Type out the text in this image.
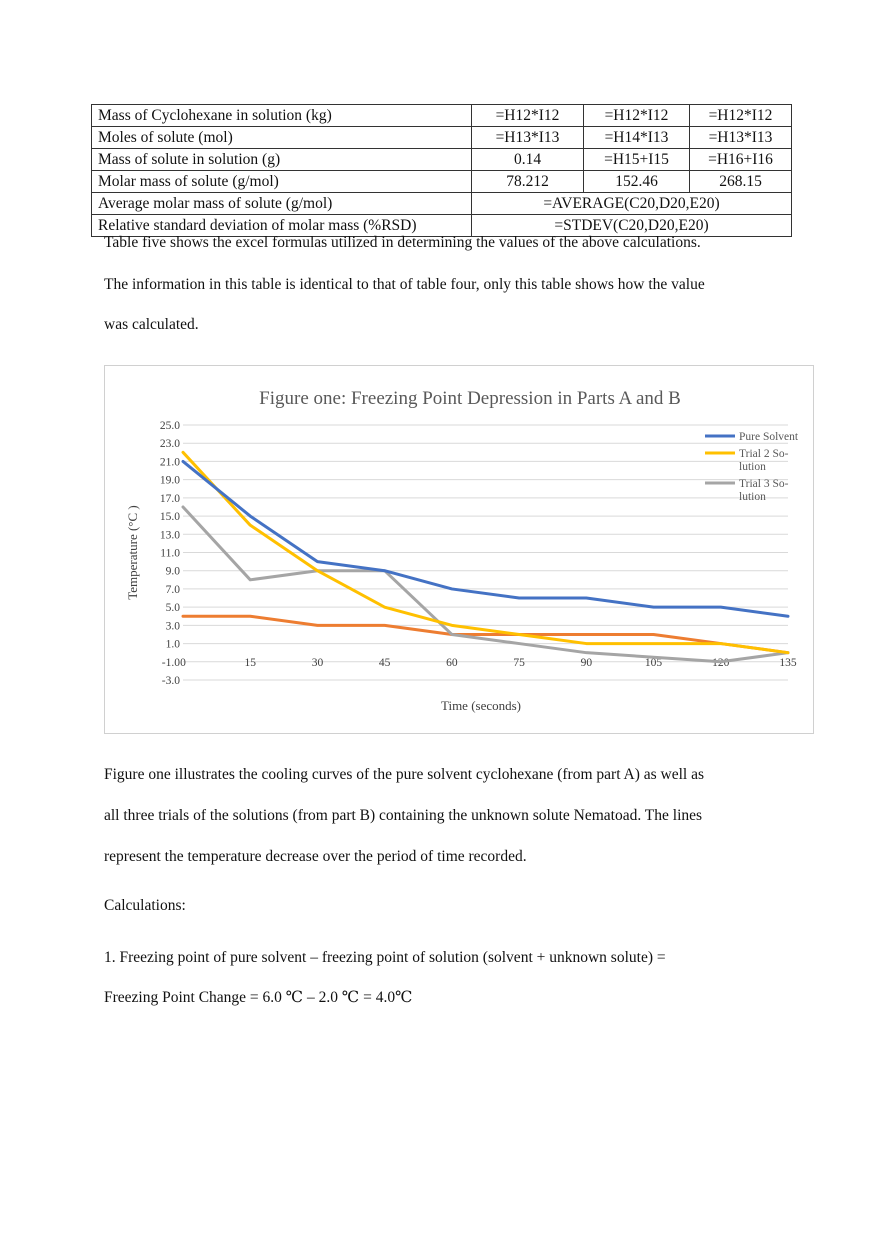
Mass of Cyclohexane in solution (kg)	=H12*I12	=H12*I12	=H12*I12
Moles of solute (mol)	=H13*I13	=H14*I13	=H13*I13
Mass of solute in solution (g)	0.14	=H15+I15	=H16+I16
Molar mass of solute (g/mol)	78.212	152.46	268.15
Average molar mass of solute (g/mol)	=AVERAGE(C20,D20,E20)		
Relative standard deviation of molar mass (%RSD)	=STDEV(C20,D20,E20)		

Table five shows the excel formulas utilized in determining the values of the above calculations.

The information in this table is identical to that of table four, only this table shows how the value

was calculated.

Figure one: Freezing Point Depression in Parts A and B
25.0
23.0
21.0
19.0
17.0
15.0
13.0
11.0
9.0
7.0
5.0
3.0
1.0
-1.0
-3.0
0	15	30	45	60	75	90	105	120	135
Time (seconds)
Temperature (°C )
Pure Solvent
Trial 2 So-
lution
Trial 3 So-
lution

Figure one illustrates the cooling curves of the pure solvent cyclohexane (from part A) as well as

all three trials of the solutions (from part B) containing the unknown solute Nematoad. The lines

represent the temperature decrease over the period of time recorded.

Calculations:

1. Freezing point of pure solvent – freezing point of solution (solvent + unknown solute) =

Freezing Point Change = 6.0 ℃ – 2.0 ℃ = 4.0℃
